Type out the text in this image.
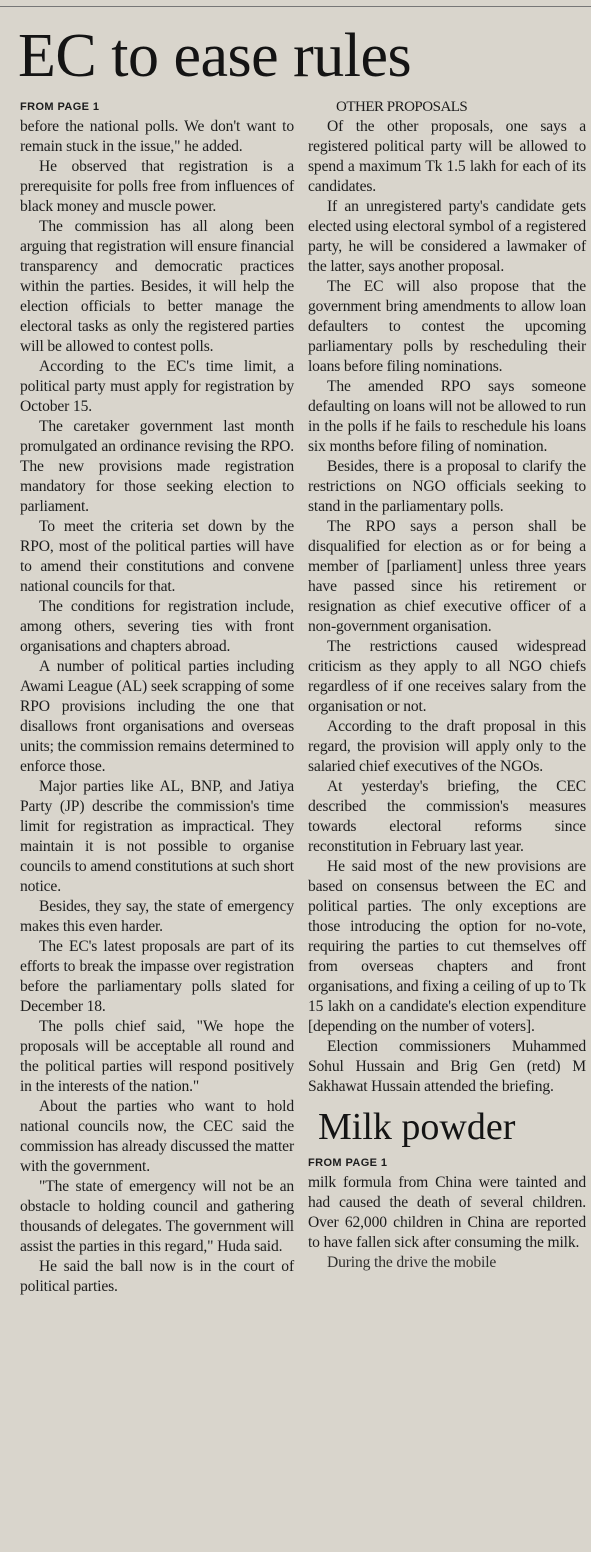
EC to ease rules
FROM PAGE 1

before the national polls. We don't want to remain stuck in the issue," he added.

He observed that registration is a prerequisite for polls free from influences of black money and muscle power.

The commission has all along been arguing that registration will ensure financial transparency and democratic practices within the parties. Besides, it will help the election officials to better manage the electoral tasks as only the registered parties will be allowed to contest polls.

According to the EC's time limit, a political party must apply for registration by October 15.

The caretaker government last month promulgated an ordinance revising the RPO. The new provisions made registration mandatory for those seeking election to parliament.

To meet the criteria set down by the RPO, most of the political parties will have to amend their constitutions and convene national councils for that.

The conditions for registration include, among others, severing ties with front organisations and chapters abroad.

A number of political parties including Awami League (AL) seek scrapping of some RPO provisions including the one that disallows front organisations and overseas units; the commission remains determined to enforce those.

Major parties like AL, BNP, and Jatiya Party (JP) describe the commission's time limit for registration as impractical. They maintain it is not possible to organise councils to amend constitutions at such short notice.

Besides, they say, the state of emergency makes this even harder.

The EC's latest proposals are part of its efforts to break the impasse over registration before the parliamentary polls slated for December 18.

The polls chief said, "We hope the proposals will be acceptable all round and the political parties will respond positively in the interests of the nation."

About the parties who want to hold national councils now, the CEC said the commission has already discussed the matter with the government.

"The state of emergency will not be an obstacle to holding council and gathering thousands of delegates. The government will assist the parties in this regard," Huda said.

He said the ball now is in the court of political parties.

OTHER PROPOSALS

Of the other proposals, one says a registered political party will be allowed to spend a maximum Tk 1.5 lakh for each of its candidates.

If an unregistered party's candidate gets elected using electoral symbol of a registered party, he will be considered a lawmaker of the latter, says another proposal.

The EC will also propose that the government bring amendments to allow loan defaulters to contest the upcoming parliamentary polls by rescheduling their loans before filing nominations.

The amended RPO says someone defaulting on loans will not be allowed to run in the polls if he fails to reschedule his loans six months before filing of nomination.

Besides, there is a proposal to clarify the restrictions on NGO officials seeking to stand in the parliamentary polls.

The RPO says a person shall be disqualified for election as or for being a member of [parliament] unless three years have passed since his retirement or resignation as chief executive officer of a non-government organisation.

The restrictions caused widespread criticism as they apply to all NGO chiefs regardless of if one receives salary from the organisation or not.

According to the draft proposal in this regard, the provision will apply only to the salaried chief executives of the NGOs.

At yesterday's briefing, the CEC described the commission's measures towards electoral reforms since reconstitution in February last year.

He said most of the new provisions are based on consensus between the EC and political parties. The only exceptions are those introducing the option for no-vote, requiring the parties to cut themselves off from overseas chapters and front organisations, and fixing a ceiling of up to Tk 15 lakh on a candidate's election expenditure [depending on the number of voters].

Election commissioners Muhammed Sohul Hussain and Brig Gen (retd) M Sakhawat Hussain attended the briefing.

Milk powder
FROM PAGE 1

milk formula from China were tainted and had caused the death of several children. Over 62,000 children in China are reported to have fallen sick after consuming the milk.

During the drive the mobile
